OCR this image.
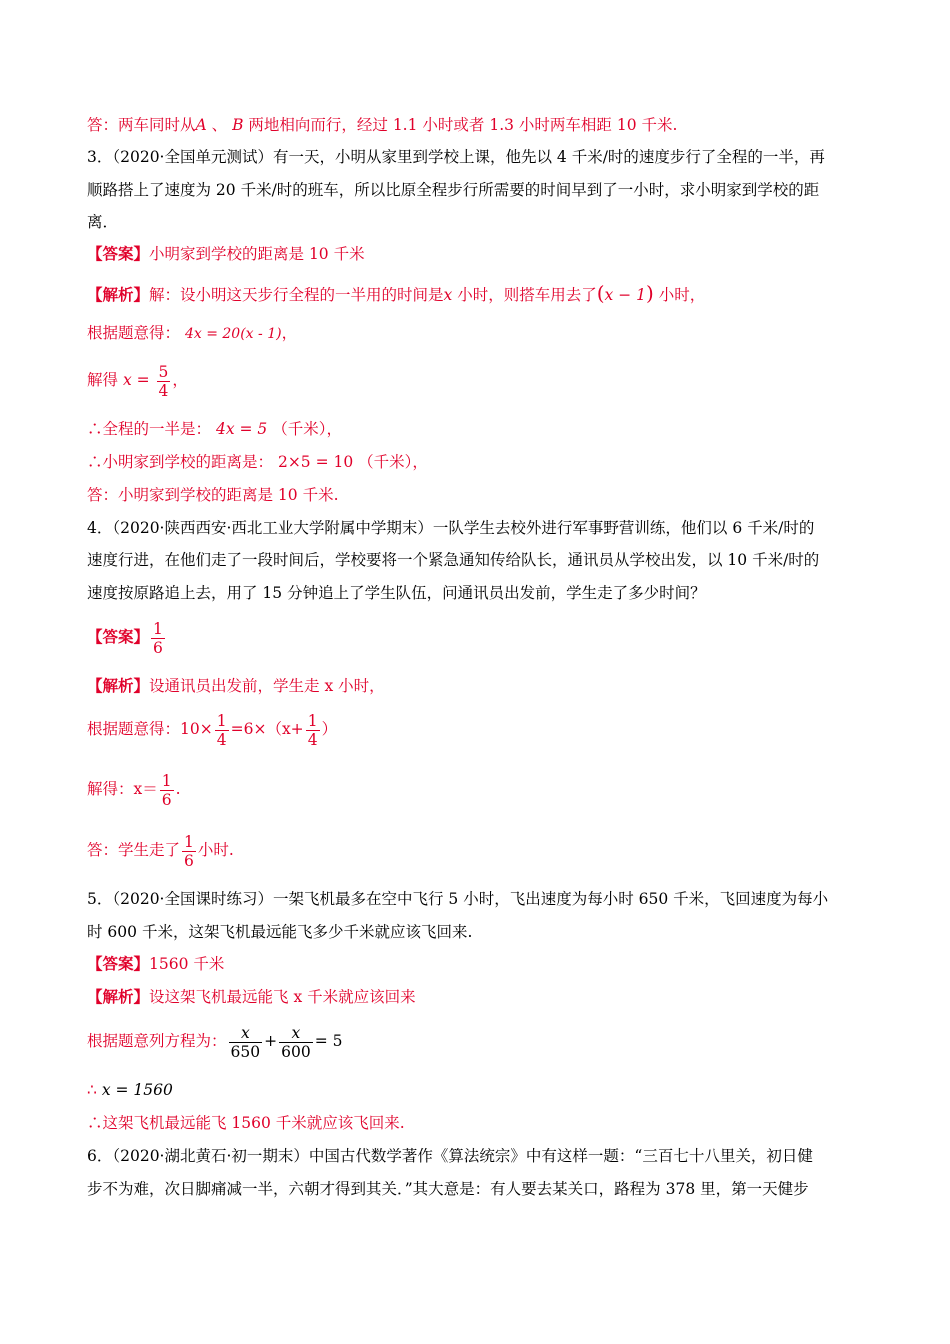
答：两车同时从A 、 B 两地相向而行，经过 1.1 小时或者 1.3 小时两车相距 10 千米.
3．（2020·全国单元测试）有一天，小明从家里到学校上课，他先以 4 千米/时的速度步行了全程的一半，再
顺路搭上了速度为 20 千米/时的班车，所以比原全程步行所需要的时间早到了一小时，求小明家到学校的距
离．
【答案】小明家到学校的距离是 10 千米
【解析】解：设小明这天步行全程的一半用的时间是x 小时，则搭车用去了(x − 1) 小时，
根据题意得： 4x = 20(x - 1)，
解得 $x = \frac{5}{4}$ ，
∴全程的一半是： 4x = 5 （千米），
∴小明家到学校的距离是： 2×5 = 10 （千米），
答：小明家到学校的距离是 10 千米.
4．（2020·陕西西安·西北工业大学附属中学期末）一队学生去校外进行军事野营训练，他们以 6 千米/时的
速度行进，在他们走了一段时间后，学校要将一个紧急通知传给队长，通讯员从学校出发，以 10 千米/时的
速度按原路追上去，用了 15 分钟追上了学生队伍，问通讯员出发前，学生走了多少时间？
【答案】 $\frac{1}{6}$
【解析】设通讯员出发前，学生走 x 小时，
根据题意得：$10\times \frac{1}{4} =6\times(x+ \frac{1}{4}$ ）
解得：$x= \frac{1}{6}$ .
答：学生走了 $\frac{1}{6}$ 小时.
5．（2020·全国课时练习）一架飞机最多在空中飞行 5 小时，飞出速度为每小时 650 千米，飞回速度为每小
时 600 千米，这架飞机最远能飞多少千米就应该飞回来.
【答案】1560 千米
【解析】设这架飞机最远能飞 x 千米就应该回来
根据题意列方程为： $\frac{x}{650} + \frac{x}{600} = 5$
∴ x = 1560
∴这架飞机最远能飞 1560 千米就应该飞回来.
6．（2020·湖北黄石·初一期末）中国古代数学著作《算法统宗》中有这样一题：“三百七十八里关，初日健
步不为难，次日脚痛减一半，六朝才得到其关．”其大意是：有人要去某关口，路程为 378 里，第一天健步
